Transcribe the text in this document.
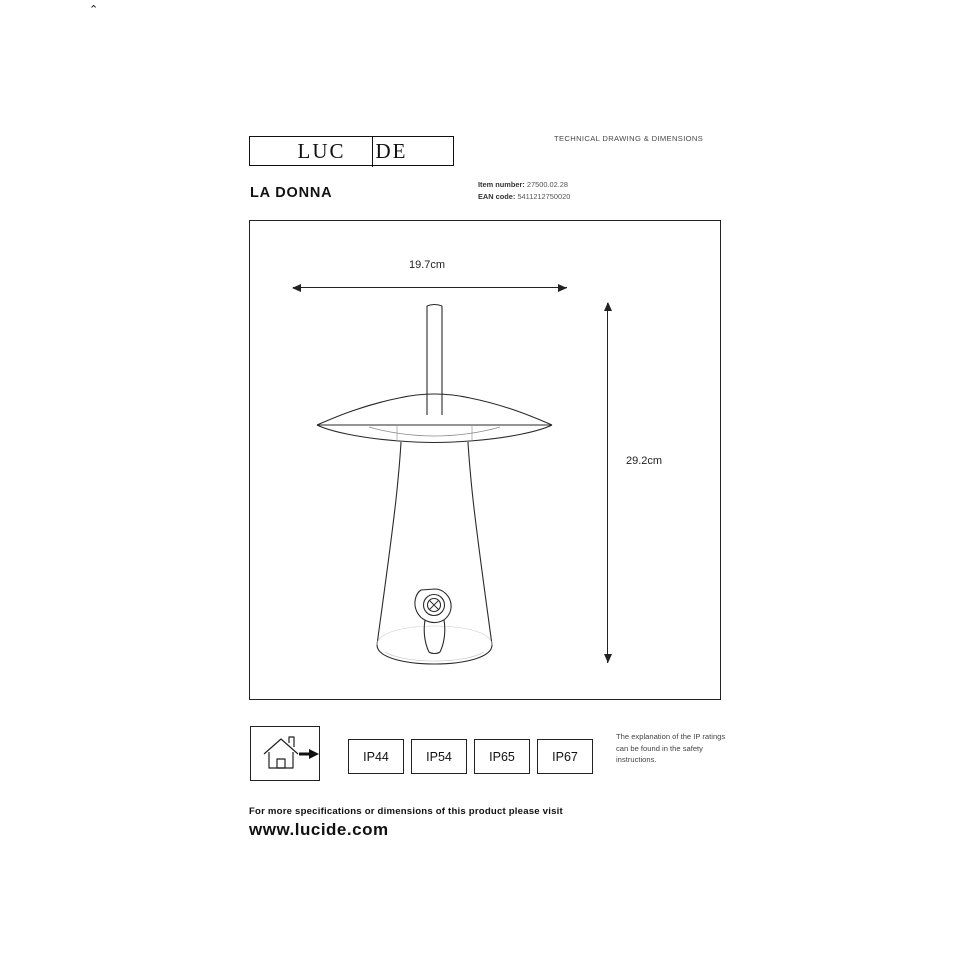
LUC DE
⌃
TECHNICAL DRAWING & DIMENSIONS
LA DONNA
Item number: 27500.02.28
EAN code: 5411212750020
19.7cm
29.2cm
IP44	IP54	IP65	IP67
The explanation of the IP ratings can be found in the safety instructions.
For more specifications or dimensions of this product please visit
www.lucide.com
